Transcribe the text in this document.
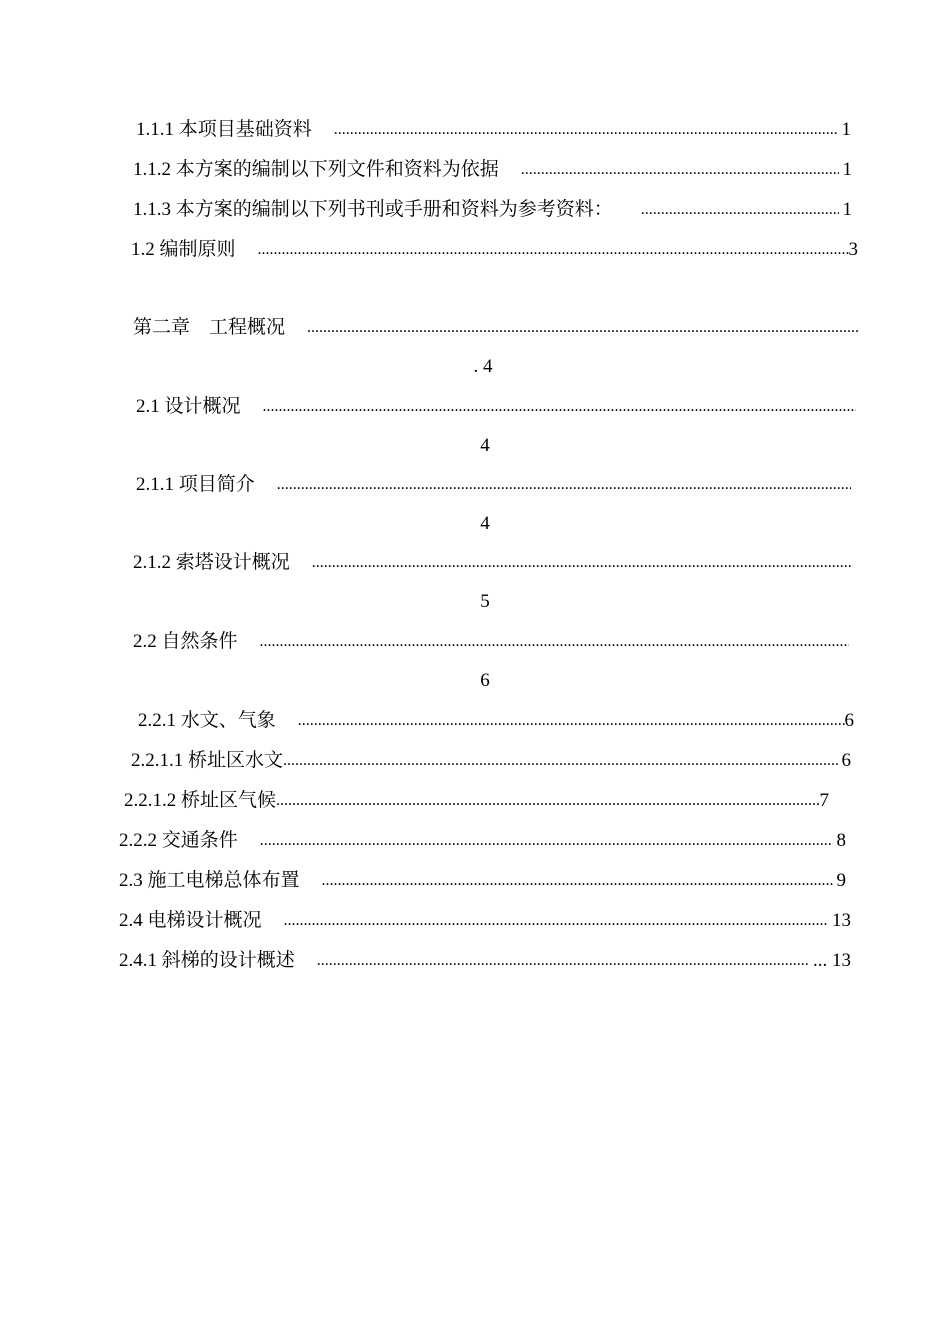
1.1.1 本项目基础资料 .....	1
1.1.2 本方案的编制以下列文件和资料为依据 .....	1
1.1.3 本方案的编制以下列书刊或手册和资料为参考资料： .....	1
1.2 编制原则 .....	3
第二章　工程概况
.....
. 4
2.1 设计概况
.....
4
2.1.1 项目简介
.....
4
2.1.2 索塔设计概况
.....
5
2.2 自然条件
.....
6
2.2.1 水文、气象 .....	6
2.2.1.1 桥址区水文 .....	6
2.2.1.2 桥址区气候 .....	7
2.2.2 交通条件 .....	8
2.3 施工电梯总体布置 .....	9
2.4 电梯设计概况 .....	13
2.4.1 斜梯的设计概述 .....	... 13
